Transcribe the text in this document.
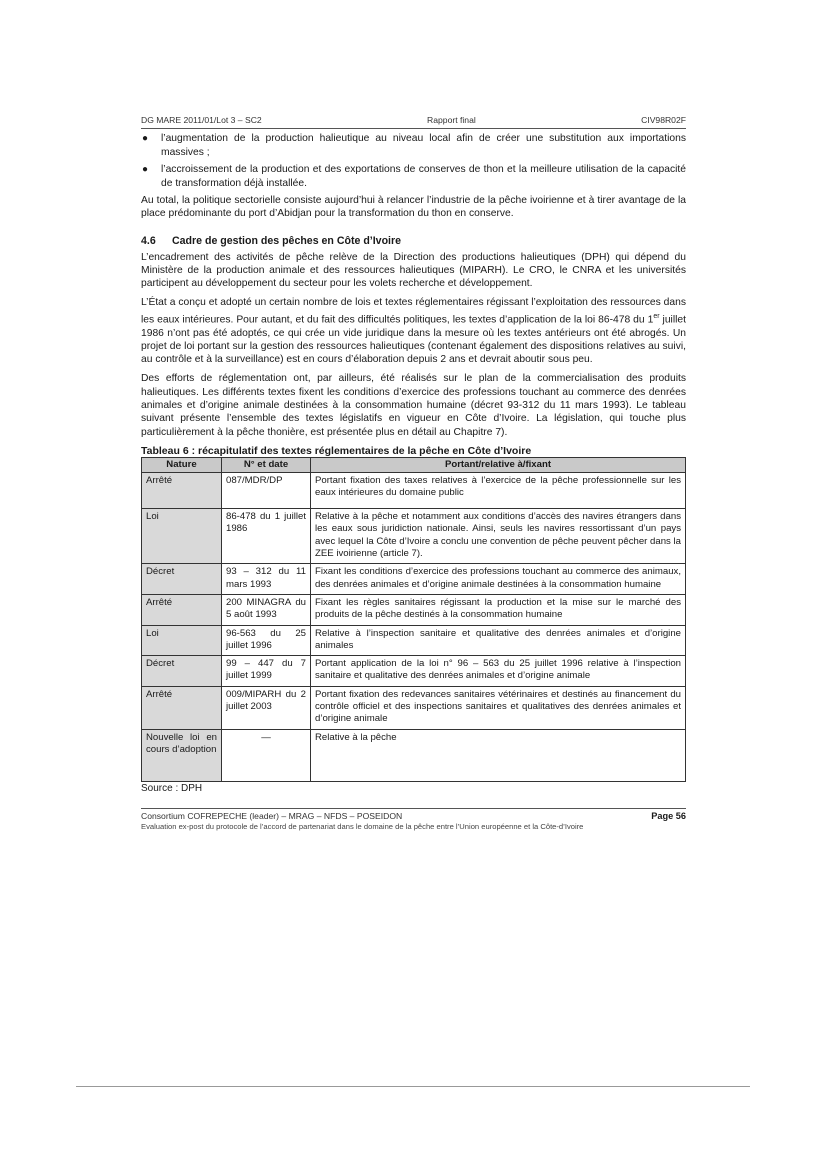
DG MARE 2011/01/Lot 3 – SC2	Rapport final	CIV98R02F
● l’augmentation de la production halieutique au niveau local afin de créer une substitution aux importations massives ;
● l’accroissement de la production et des exportations de conserves de thon et la meilleure utilisation de la capacité de transformation déjà installée.

Au total, la politique sectorielle consiste aujourd’hui à relancer l’industrie de la pêche ivoirienne et à tirer avantage de la place prédominante du port d’Abidjan pour la transformation du thon en conserve.

4.6 Cadre de gestion des pêches en Côte d’Ivoire

L’encadrement des activités de pêche relève de la Direction des productions halieutiques (DPH) qui dépend du Ministère de la production animale et des ressources halieutiques (MIPARH). Le CRO, le CNRA et les universités participent au développement du secteur pour les volets recherche et développement.

L’État a conçu et adopté un certain nombre de lois et textes réglementaires régissant l’exploitation des ressources dans les eaux intérieures. Pour autant, et du fait des difficultés politiques, les textes d’application de la loi 86-478 du 1er juillet 1986 n’ont pas été adoptés, ce qui crée un vide juridique dans la mesure où les textes antérieurs ont été abrogés. Un projet de loi portant sur la gestion des ressources halieutiques (contenant également des dispositions relatives au suivi, au contrôle et à la surveillance) est en cours d’élaboration depuis 2 ans et devrait aboutir sous peu.

Des efforts de réglementation ont, par ailleurs, été réalisés sur le plan de la commercialisation des produits halieutiques. Les différents textes fixent les conditions d’exercice des professions touchant au commerce des denrées animales et d’origine animale destinées à la consommation humaine (décret 93-312 du 11 mars 1993). Le tableau suivant présente l’ensemble des textes législatifs en vigueur en Côte d’Ivoire. La législation, qui touche plus particulièrement à la pêche thonière, est présentée plus en détail au Chapitre 7).

Tableau 6 : récapitulatif des textes réglementaires de la pêche en Côte d’Ivoire
Nature	N° et date	Portant/relative à/fixant
Arrêté	087/MDR/DP	Portant fixation des taxes relatives à l’exercice de la pêche professionnelle sur les eaux intérieures du domaine public
Loi	86-478 du 1 juillet 1986	Relative à la pêche et notamment aux conditions d’accès des navires étrangers dans les eaux sous juridiction nationale. Ainsi, seuls les navires ressortissant d’un pays avec lequel la Côte d’Ivoire a conclu une convention de pêche peuvent pêcher dans la ZEE ivoirienne (article 7).
Décret	93 – 312 du 11 mars 1993	Fixant les conditions d’exercice des professions touchant au commerce des animaux, des denrées animales et d’origine animale destinées à la consommation humaine
Arrêté	200 MINAGRA du 5 août 1993	Fixant les règles sanitaires régissant la production et la mise sur le marché des produits de la pêche destinés à la consommation humaine
Loi	96-563 du 25 juillet 1996	Relative à l’inspection sanitaire et qualitative des denrées animales et d’origine animales
Décret	99 – 447 du 7 juillet 1999	Portant application de la loi n° 96 – 563 du 25 juillet 1996 relative à l’inspection sanitaire et qualitative des denrées animales et d’origine animale
Arrêté	009/MIPARH du 2 juillet 2003	Portant fixation des redevances sanitaires vétérinaires et destinés au financement du contrôle officiel et des inspections sanitaires et qualitatives des denrées animales et d’origine animale
Nouvelle loi en cours d’adoption	—	Relative à la pêche
Source : DPH
Consortium COFREPECHE (leader) – MRAG – NFDS – POSEIDON	Page 56
Evaluation ex-post du protocole de l’accord de partenariat dans le domaine de la pêche entre l’Union européenne et la Côte-d’Ivoire
